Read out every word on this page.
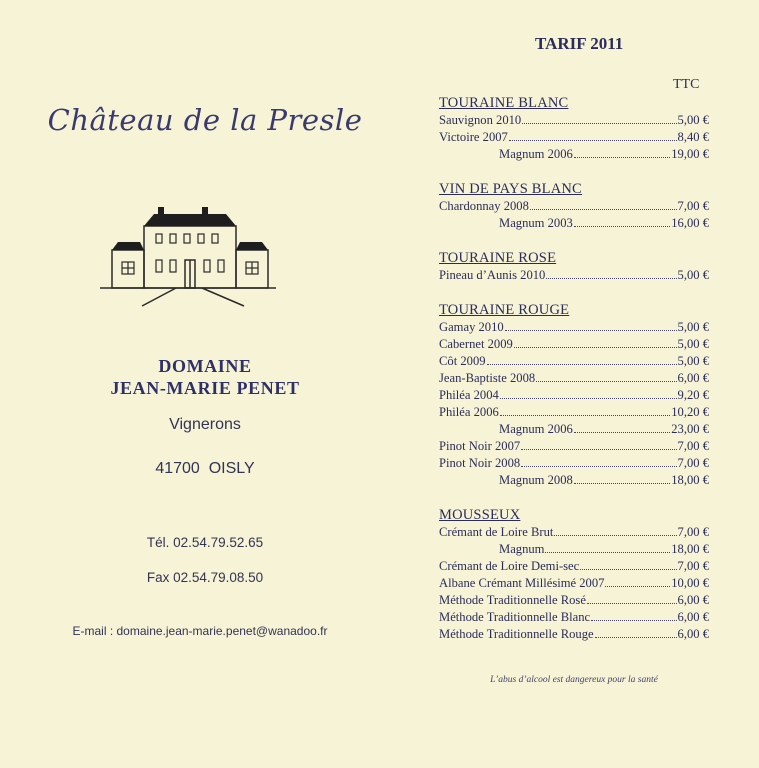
Château de la Presle
DOMAINE
JEAN-MARIE PENET
Vignerons
41700  OISLY
Tél. 02.54.79.52.65
Fax 02.54.79.08.50
E-mail : domaine.jean-marie.penet@wanadoo.fr
TARIF 2011
TTC
TOURAINE BLANC
Sauvignon 2010	5,00 €
Victoire 2007	8,40 €
Magnum 2006	19,00 €
VIN DE PAYS BLANC
Chardonnay 2008	7,00 €
Magnum 2003	16,00 €
TOURAINE ROSE
Pineau d’Aunis 2010	5,00 €
TOURAINE ROUGE
Gamay 2010	5,00 €
Cabernet 2009	5,00 €
Côt 2009	5,00 €
Jean-Baptiste 2008	6,00 €
Philéa 2004	9,20 €
Philéa 2006	10,20 €
Magnum 2006	23,00 €
Pinot Noir 2007	7,00 €
Pinot Noir 2008	7,00 €
Magnum 2008	18,00 €
MOUSSEUX
Crémant de Loire Brut	7,00 €
Magnum	18,00 €
Crémant de Loire Demi-sec	7,00 €
Albane Crémant Millésimé 2007	10,00 €
Méthode Traditionnelle Rosé	6,00 €
Méthode Traditionnelle Blanc	6,00 €
Méthode Traditionnelle Rouge	6,00 €
L’abus d’alcool est dangereux pour la santé
